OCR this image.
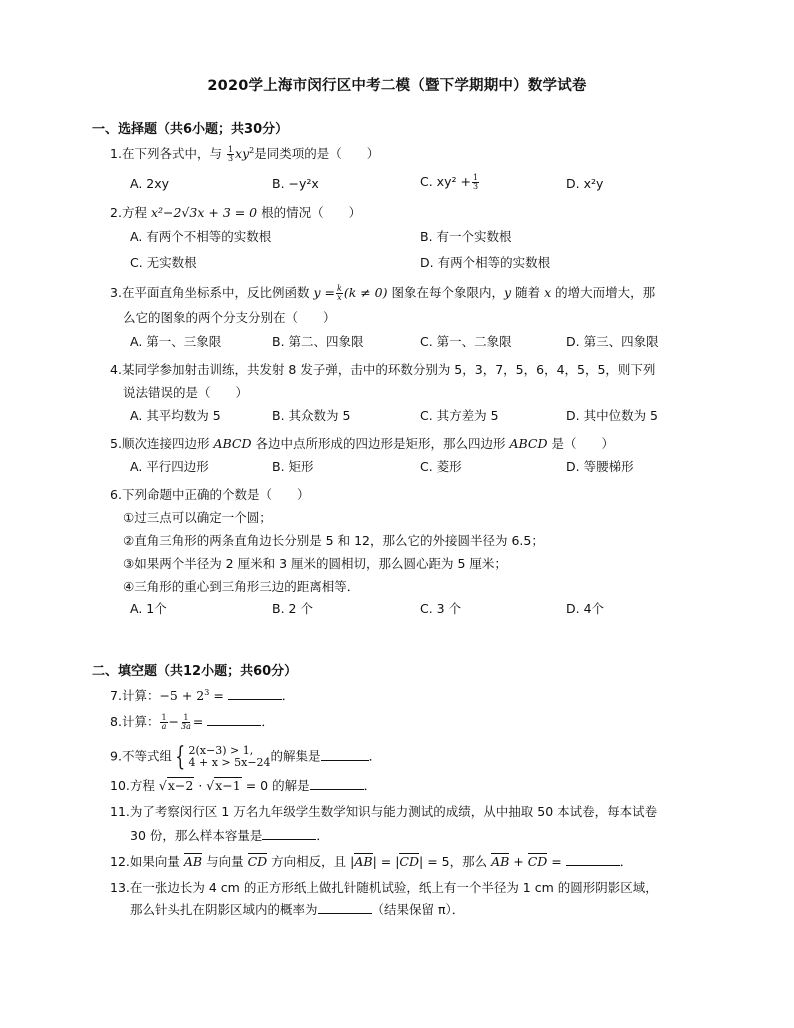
2020学上海市闵行区中考二模（暨下学期期中）数学试卷
一、选择题（共6小题；共30分）
1.在下列各式中，与 $\frac{1}{3} xy^2$是同类项的是（　　）
A. 2xy	B. −y²x	C. $xy^2 + \frac{1}{3}$	D. x²y
2.方程 x²−2√3x + 3 = 0 根的情况（　　）
A. 有两个不相等的实数根	B. 有一个实数根
C. 无实数根	D. 有两个相等的实数根
3.在平面直角坐标系中，反比例函数 $y = \frac{k}{x} (k \ne 0)$ 图象在每个象限内，y 随着 x 的增大而增大，那
么它的图象的两个分支分别在（　　）
A. 第一、三象限	B. 第二、四象限	C. 第一、二象限	D. 第三、四象限
4.某同学参加射击训练，共发射 8 发子弹，击中的环数分别为 5，3，7，5，6，4，5，5，则下列
说法错误的是（　　）
A. 其平均数为 5	B. 其众数为 5	C. 其方差为 5	D. 其中位数为 5
5.顺次连接四边形 ABCD 各边中点所形成的四边形是矩形，那么四边形 ABCD 是（　　）
A. 平行四边形	B. 矩形	C. 菱形	D. 等腰梯形
6.下列命题中正确的个数是（　　）
①过三点可以确定一个圆；
②直角三角形的两条直角边长分别是 5 和 12，那么它的外接圆半径为 6.5；
③如果两个半径为 2 厘米和 3 厘米的圆相切，那么圆心距为 5 厘米；
④三角形的重心到三角形三边的距离相等．
A. 1个	B. 2 个	C. 3 个	D. 4个
二、填空题（共12小题；共60分）
7.计算：$-5 + 2^3$ =	．
8.计算： $\frac{1}{a} - \frac{1}{3a}$ =	．
9.不等式组 { 2(x−3) > 1,
4 + x > 5x−24 的解集是	．
10.方程 √x−2 · √x−1 = 0 的解是	．
11.为了考察闵行区 1 万名九年级学生数学知识与能力测试的成绩，从中抽取 50 本试卷，每本试卷
30 份，那么样本容量是	．
12.如果向量 AB 与向量 CD 方向相反，且 |AB| = |CD| = 5，那么 AB + CD =	．
13.在一张边长为 4 cm 的正方形纸上做扎针随机试验，纸上有一个半径为 1 cm 的圆形阴影区域，
那么针头扎在阴影区域内的概率为	（结果保留 π）．
